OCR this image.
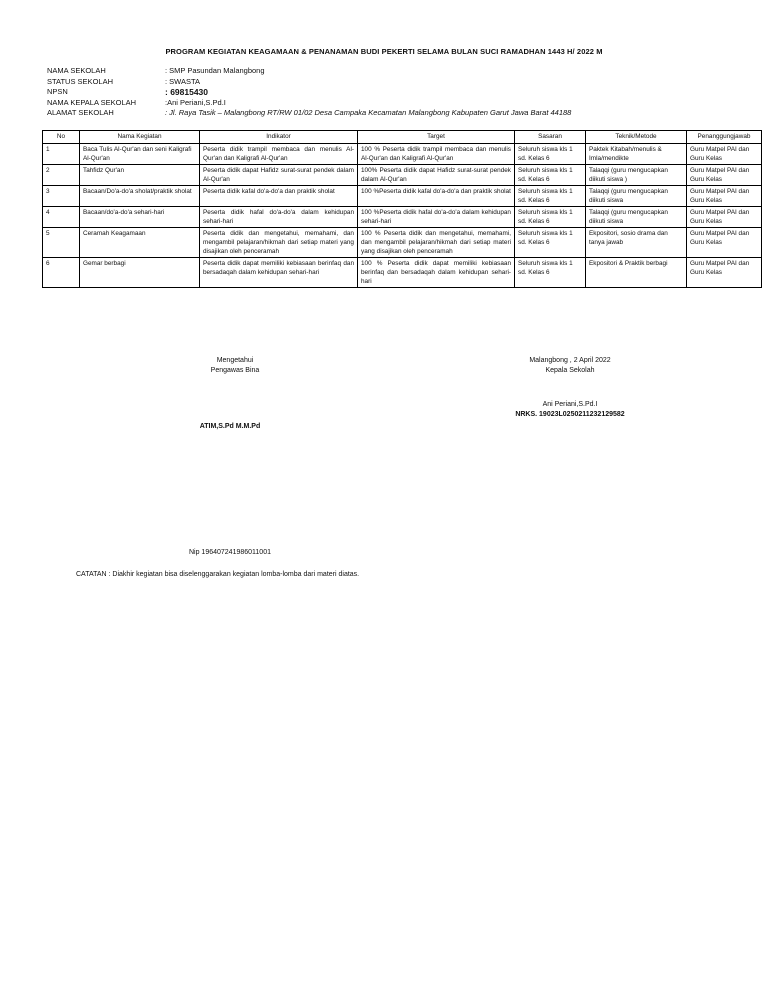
PROGRAM KEGIATAN KEAGAMAAN & PENANAMAN BUDI PEKERTI SELAMA BULAN SUCI RAMADHAN 1443 H/ 2022 M
NAMA SEKOLAH	: SMP Pasundan Malangbong
STATUS SEKOLAH	: SWASTA
NPSN	: 69815430
NAMA KEPALA SEKOLAH	:Ani Periani,S.Pd.I
ALAMAT SEKOLAH	: Jl. Raya Tasik – Malangbong RT/RW 01/02 Desa Campaka Kecamatan Malangbong Kabupaten Garut Jawa Barat 44188
No	Nama Kegiatan	Indikator	Target	Sasaran	Teknik/Metode	Penanggungjawab
1	Baca Tulis Al-Qur'an dan seni Kaligrafi Al-Qur'an	Peserta didik trampil membaca dan menulis Al-Qur'an dan Kaligrafi Al-Qur'an	100 % Peserta didik trampil membaca dan menulis Al-Qur'an dan Kaligrafi Al-Qur'an	Seluruh siswa kls 1 sd. Kelas 6	Paktek Kitabah/menulis & Imla/mendikte	Guru Matpel PAI dan Guru Kelas
2	Tahfidz Qur'an	Peserta didik dapat Hafidz surat-surat pendek dalam Al-Qur'an	100% Peserta didik dapat Hafidz surat-surat pendek dalam Al-Qur'an	Seluruh siswa kls 1 sd. Kelas 6	Talaqqi (guru mengucapkan diikuti siswa )	Guru Matpel PAI dan Guru Kelas
3	Bacaan/Do'a-do'a sholat/praktik sholat	Peserta didik kafal do'a-do'a dan praktik sholat	100 %Peserta didik kafal do'a-do'a dan praktik sholat	Seluruh siswa kls 1 sd. Kelas 6	Talaqqi (guru mengucapkan diikuti siswa	Guru Matpel PAI dan Guru Kelas
4	Bacaan/do'a-do'a sehari-hari	Peserta didik hafal do'a-do'a dalam kehidupan sehari-hari	100 %Peserta didik hafal do'a-do'a dalam kehidupan sehari-hari	Seluruh siswa kls 1 sd. Kelas 6	Talaqqi (guru mengucapkan diikuti siswa	Guru Matpel PAI dan Guru Kelas
5	Ceramah Keagamaan	Peserta didik dan mengetahui, memahami, dan mengambil pelajaran/hikmah dari setiap materi yang disajikan oleh penceramah	100 % Peserta didik dan mengetahui, memahami, dan mengambil pelajaran/hikmah dari setiap materi yang disajikan oleh penceramah	Seluruh siswa kls 1 sd. Kelas 6	Ekpositori, sosio drama dan tanya jawab	Guru Matpel PAI dan Guru Kelas
6	Gemar berbagi	Peserta didik dapat memiliki kebiasaan berinfaq dan bersadaqah dalam kehidupan sehari-hari	100 % Peserta didik dapat memiliki kebiasaan berinfaq dan bersadaqah dalam kehidupan sehari-hari	Seluruh siswa kls 1 sd. Kelas 6	Ekpositori & Praktik berbagi	Guru Matpel PAI dan Guru Kelas
Mengetahui
Pengawas Bina
ATIM,S.Pd M.M.Pd
Nip 196407241986011001
Malangbong , 2 April 2022
Kepala Sekolah
Ani Periani,S.Pd.I
NRKS. 19023L0250211232129582
CATATAN : Diakhir kegiatan bisa diselenggarakan kegiatan lomba-lomba dari materi diatas.
